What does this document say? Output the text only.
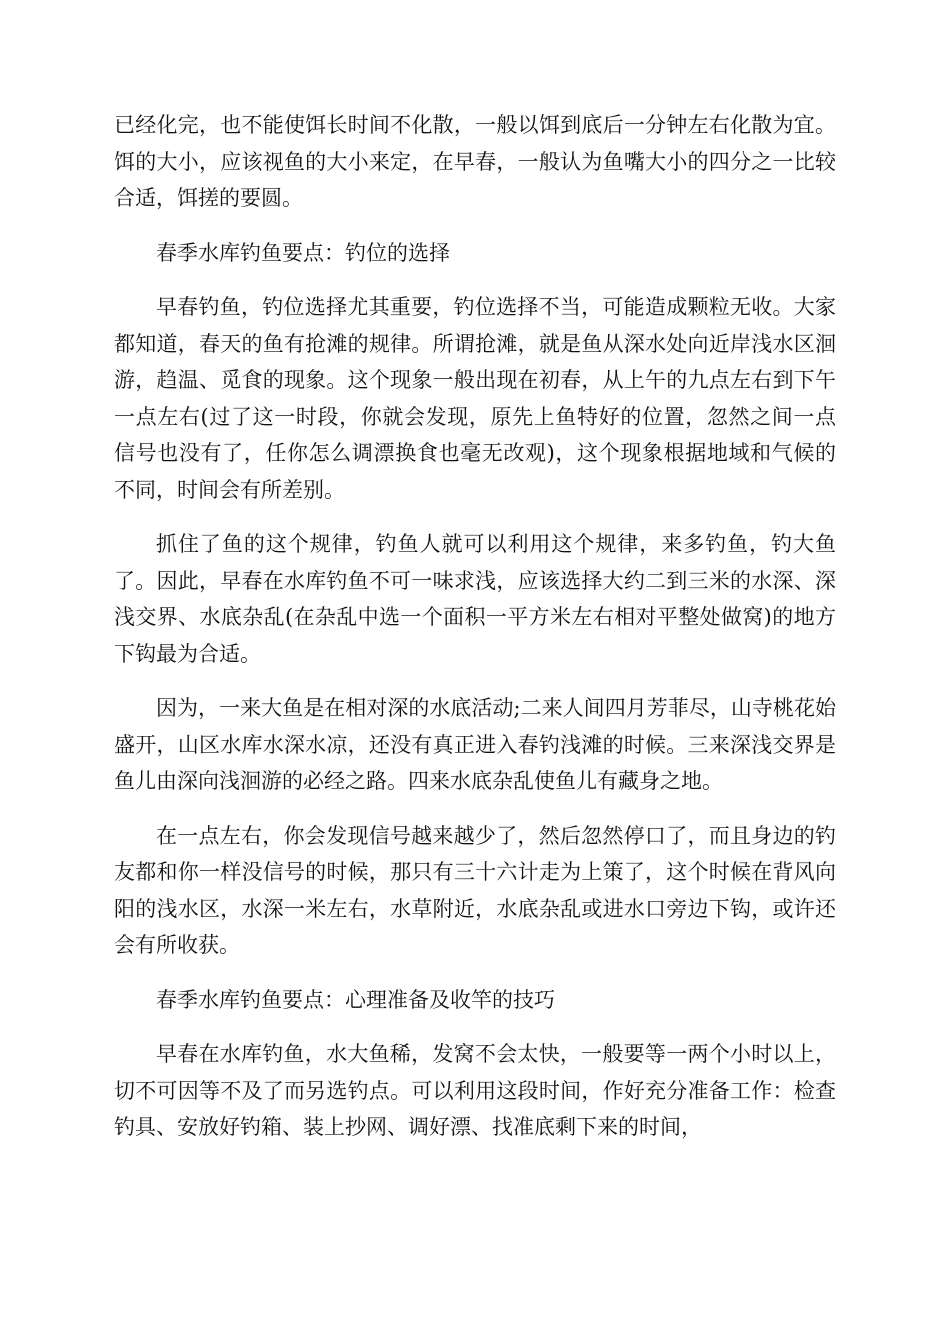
已经化完，也不能使饵长时间不化散，一般以饵到底后一分钟左右化散为宜。饵的大小，应该视鱼的大小来定，在早春，一般认为鱼嘴大小的四分之一比较合适，饵搓的要圆。

春季水库钓鱼要点：钓位的选择

早春钓鱼，钓位选择尤其重要，钓位选择不当，可能造成颗粒无收。大家都知道，春天的鱼有抢滩的规律。所谓抢滩，就是鱼从深水处向近岸浅水区洄游，趋温、觅食的现象。这个现象一般出现在初春，从上午的九点左右到下午一点左右(过了这一时段，你就会发现，原先上鱼特好的位置，忽然之间一点信号也没有了，任你怎么调漂换食也毫无改观)，这个现象根据地域和气候的不同，时间会有所差别。

抓住了鱼的这个规律，钓鱼人就可以利用这个规律，来多钓鱼，钓大鱼了。因此，早春在水库钓鱼不可一味求浅，应该选择大约二到三米的水深、深浅交界、水底杂乱(在杂乱中选一个面积一平方米左右相对平整处做窝)的地方下钩最为合适。

因为，一来大鱼是在相对深的水底活动;二来人间四月芳菲尽，山寺桃花始盛开，山区水库水深水凉，还没有真正进入春钓浅滩的时候。三来深浅交界是鱼儿由深向浅洄游的必经之路。四来水底杂乱使鱼儿有藏身之地。

在一点左右，你会发现信号越来越少了，然后忽然停口了，而且身边的钓友都和你一样没信号的时候，那只有三十六计走为上策了，这个时候在背风向阳的浅水区，水深一米左右，水草附近，水底杂乱或进水口旁边下钩，或许还会有所收获。

春季水库钓鱼要点：心理准备及收竿的技巧

早春在水库钓鱼，水大鱼稀，发窝不会太快，一般要等一两个小时以上，切不可因等不及了而另选钓点。可以利用这段时间，作好充分准备工作：检查钓具、安放好钓箱、装上抄网、调好漂、找准底剩下来的时间，
